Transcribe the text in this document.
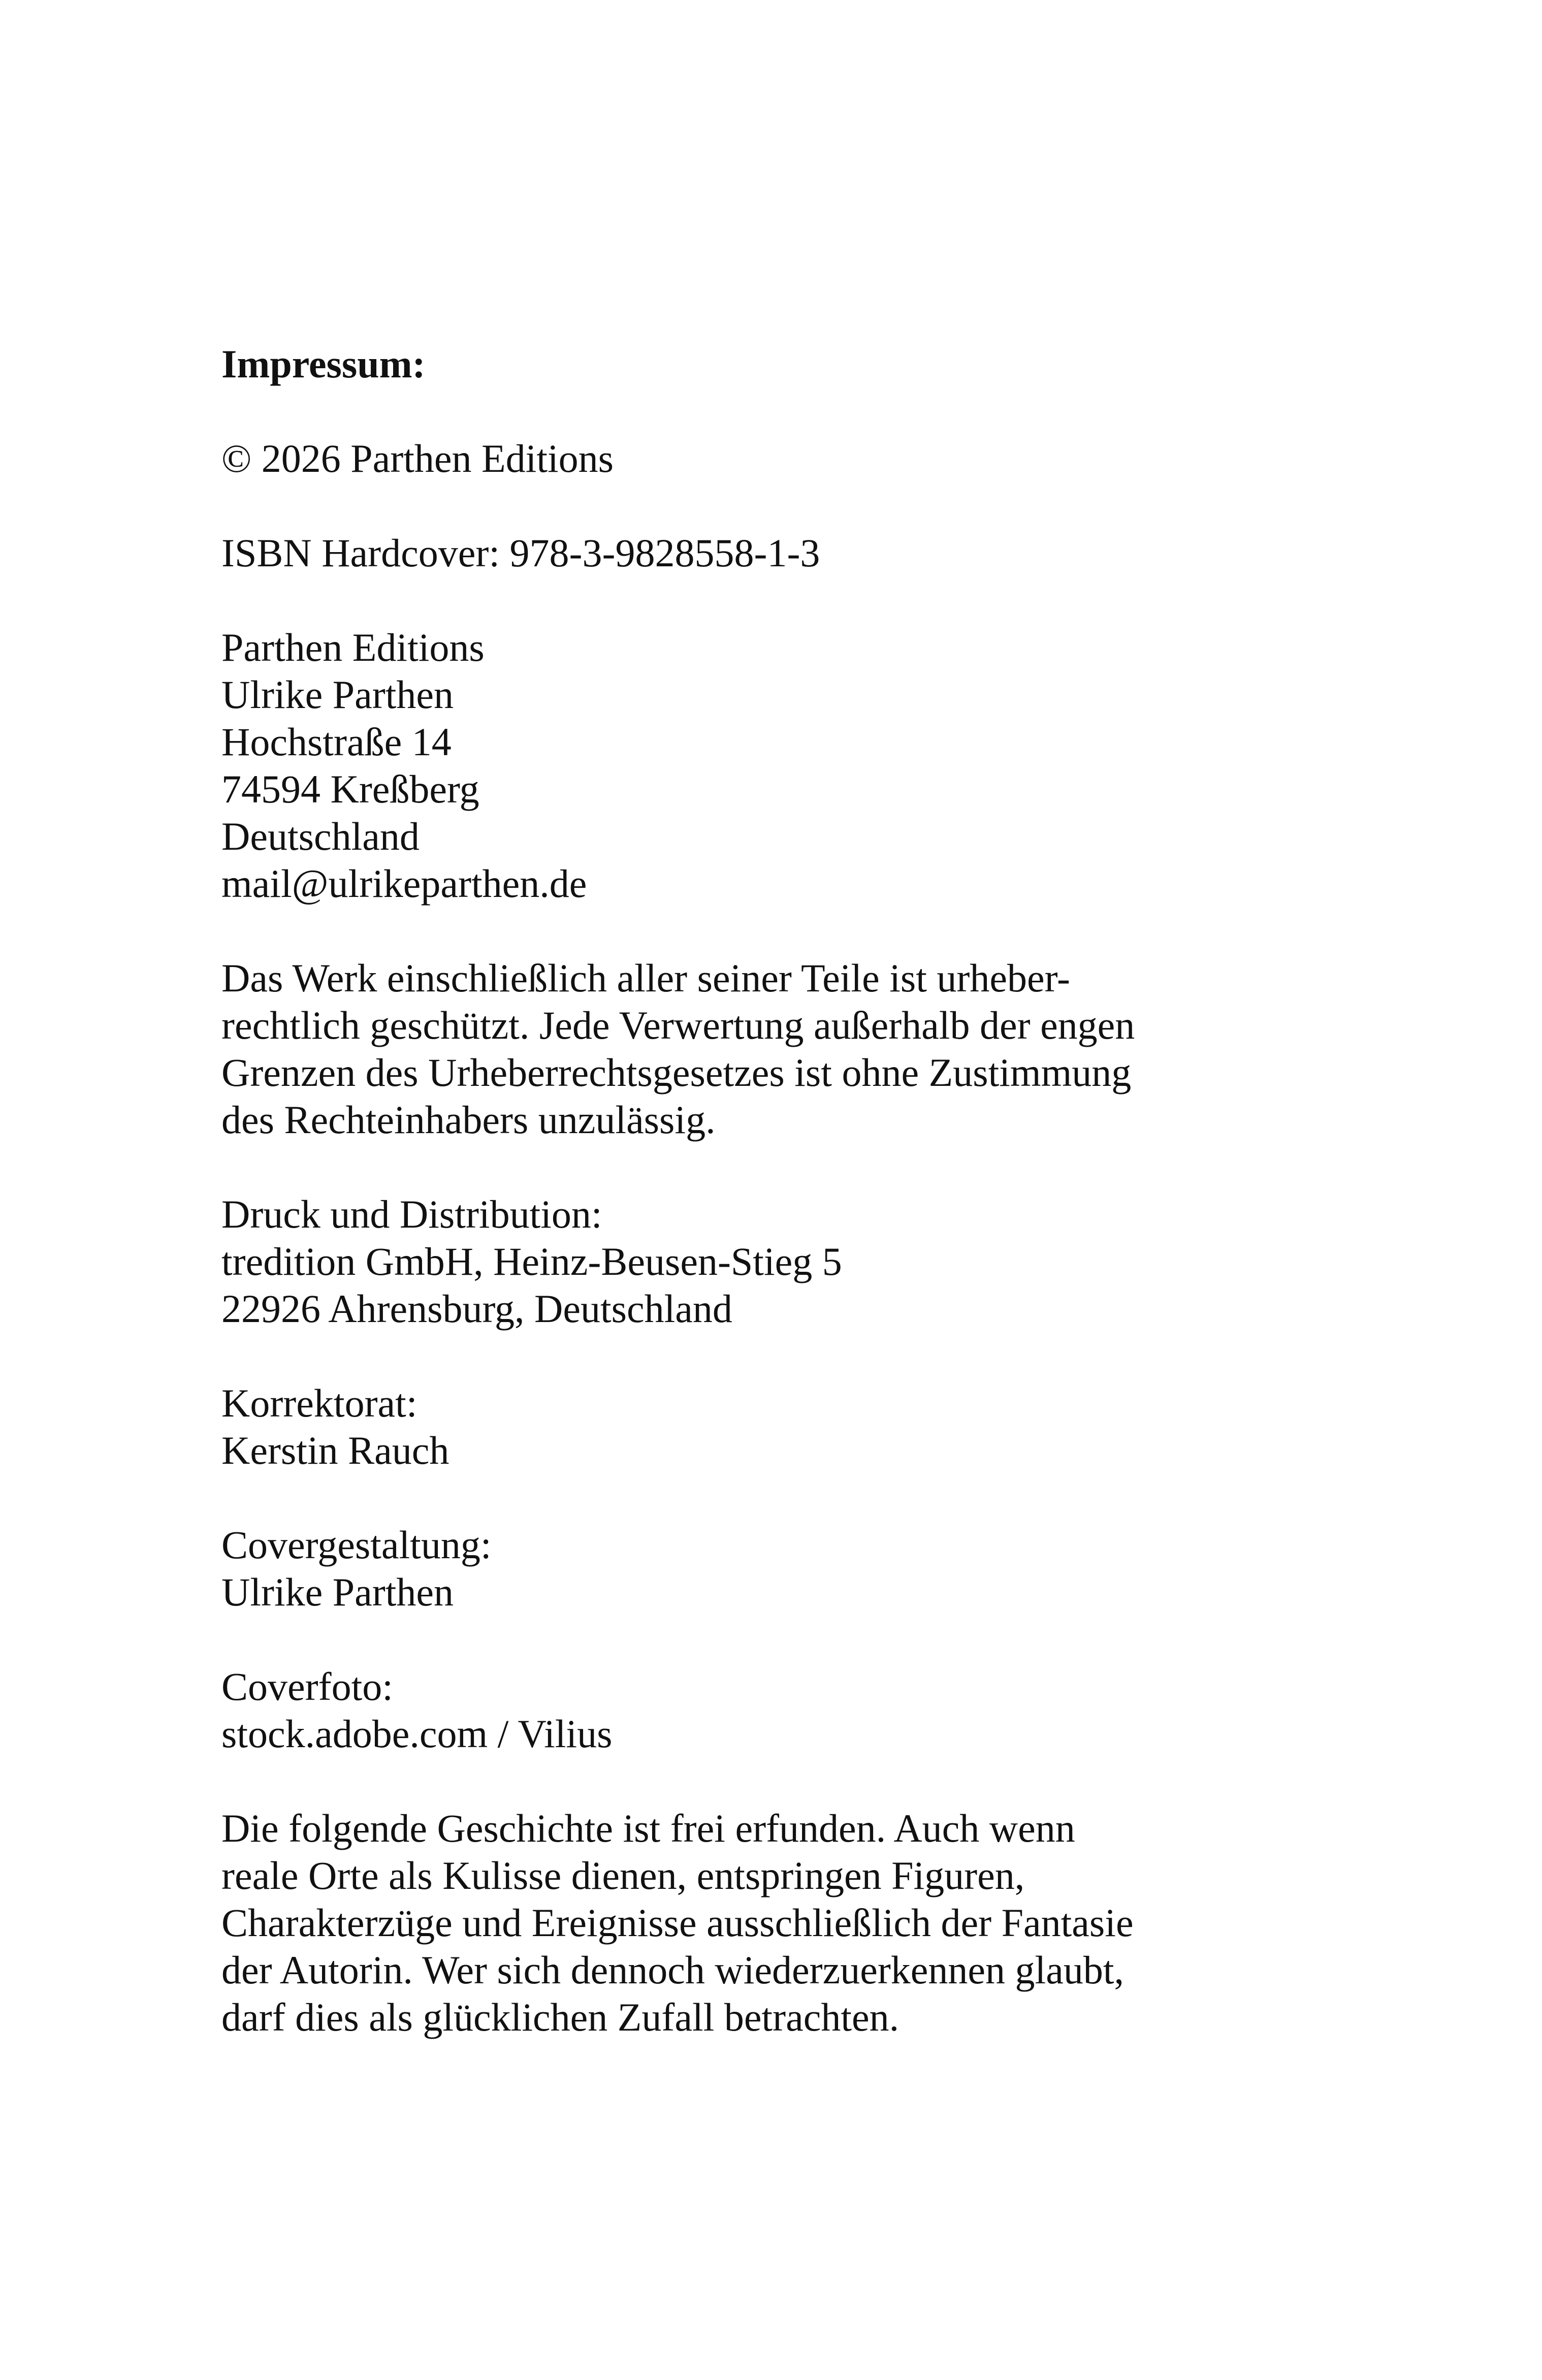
Impressum:
© 2026 Parthen Editions
ISBN Hardcover: 978-3-9828558-1-3
Parthen Editions
Ulrike Parthen
Hochstraße 14
74594 Kreßberg
Deutschland
mail@ulrikeparthen.de
Das Werk einschließlich aller seiner Teile ist urheber-
rechtlich geschützt. Jede Verwertung außerhalb der engen
Grenzen des Urheberrechtsgesetzes ist ohne Zustimmung
des Rechteinhabers unzulässig.
Druck und Distribution:
tredition GmbH, Heinz-Beusen-Stieg 5
22926 Ahrensburg, Deutschland
Korrektorat:
Kerstin Rauch
Covergestaltung:
Ulrike Parthen
Coverfoto:
stock.adobe.com / Vilius
Die folgende Geschichte ist frei erfunden. Auch wenn
reale Orte als Kulisse dienen, entspringen Figuren,
Charakterzüge und Ereignisse ausschließlich der Fantasie
der Autorin. Wer sich dennoch wiederzuerkennen glaubt,
darf dies als glücklichen Zufall betrachten.
